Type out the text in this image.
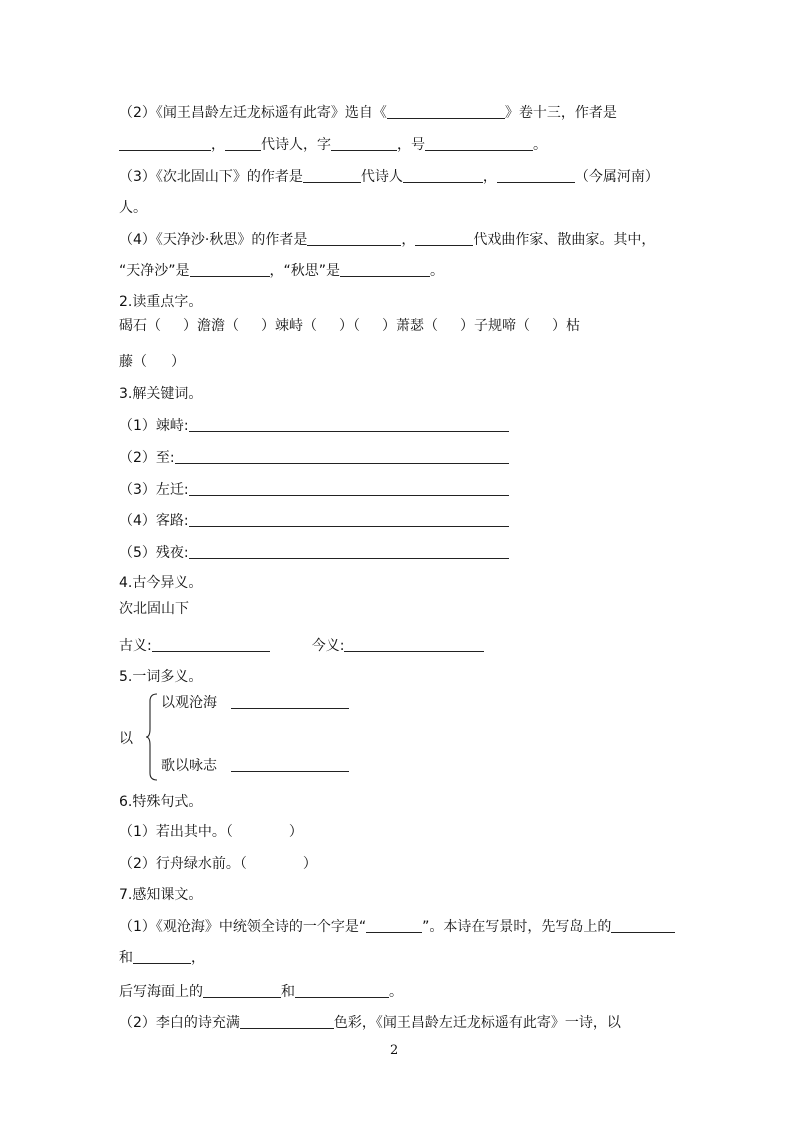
（2）《闻王昌龄左迁龙标遥有此寄》选自《	》卷十三，作者是
，	代诗人，字	，号	。
（3）《次北固山下》的作者是	代诗人	，	（今属河南）
人。
（4）《天净沙·秋思》的作者是	，	代戏曲作家、散曲家。其中，
“天净沙”是	，“秋思”是	。
2.读重点字。
碣石（ ）澹澹（ ）竦峙（ ）（ ）萧瑟（ ）子规啼（ ）枯
藤（ ）
3.解关键词。
（1）竦峙:
（2）至:
（3）左迁:
（4）客路:
（5）残夜:
4.古今异义。
次北固山下
古义:	今义:
5.一词多义。
以
以观沧海
歌以咏志
6.特殊句式。
（1）若出其中。（	）
（2）行舟绿水前。（	）
7.感知课文。
（1）《观沧海》中统领全诗的一个字是“	”。本诗在写景时，先写岛上的
和	，
后写海面上的	和	。
（2）李白的诗充满	色彩，《闻王昌龄左迁龙标遥有此寄》一诗，以
2
